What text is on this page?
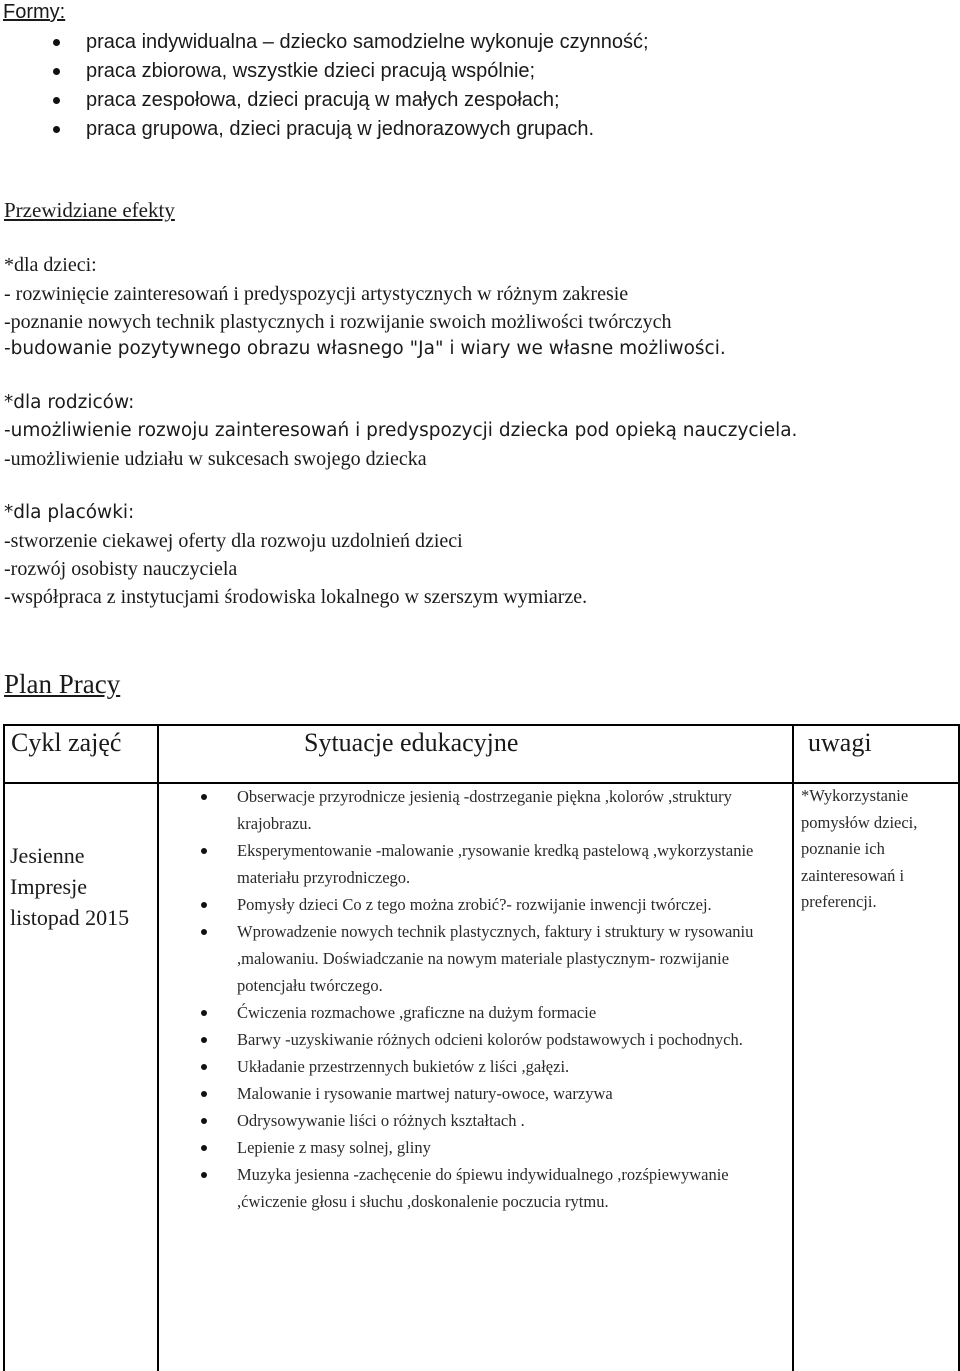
Formy:
praca indywidualna – dziecko samodzielne wykonuje czynność;
praca zbiorowa, wszystkie dzieci pracują wspólnie;
praca zespołowa, dzieci pracują w małych zespołach;
praca grupowa, dzieci pracują w jednorazowych grupach.
Przewidziane efekty
*dla dzieci:
- rozwinięcie zainteresowań i predyspozycji artystycznych w różnym zakresie
-poznanie nowych technik plastycznych i rozwijanie swoich możliwości twórczych
-budowanie pozytywnego obrazu własnego "Ja" i wiary we własne możliwości.
*dla rodziców:
-umożliwienie rozwoju zainteresowań i predyspozycji dziecka pod opieką nauczyciela.
-umożliwienie udziału w sukcesach swojego dziecka
*dla placówki:
-stworzenie ciekawej oferty dla rozwoju uzdolnień dzieci
-rozwój osobisty nauczyciela
-współpraca z instytucjami środowiska lokalnego w szerszym wymiarze.
Plan Pracy
Cykl zajęć	Sytuacje edukacyjne	uwagi
Jesienne
Impresje
listopad 2015
Obserwacje przyrodnicze jesienią -dostrzeganie piękna ,kolorów ,struktury krajobrazu.
Eksperymentowanie -malowanie ,rysowanie kredką pastelową ,wykorzystanie materiału przyrodniczego.
Pomysły dzieci Co z tego można zrobić?- rozwijanie inwencji twórczej.
Wprowadzenie nowych technik plastycznych, faktury i struktury w rysowaniu ,malowaniu. Doświadczanie na nowym materiale plastycznym- rozwijanie potencjału twórczego.
Ćwiczenia rozmachowe ,graficzne na dużym formacie
Barwy -uzyskiwanie różnych odcieni kolorów podstawowych i pochodnych.
Układanie przestrzennych bukietów z liści ,gałęzi.
Malowanie i rysowanie martwej natury-owoce, warzywa
Odrysowywanie liści o różnych kształtach .
Lepienie z masy solnej, gliny
Muzyka jesienna -zachęcenie do śpiewu indywidualnego ,rozśpiewywanie ,ćwiczenie głosu i słuchu ,doskonalenie poczucia rytmu.
*Wykorzystanie pomysłów dzieci, poznanie ich zainteresowań i preferencji.
